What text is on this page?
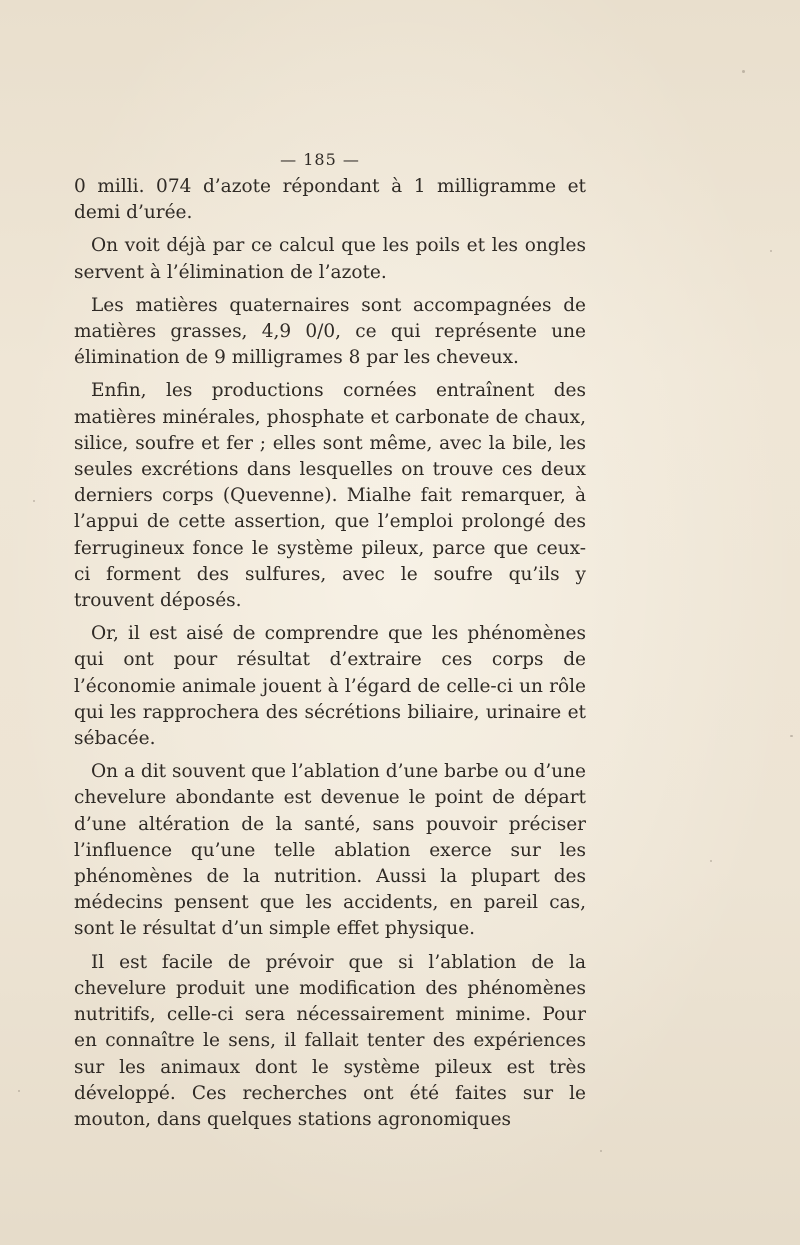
— 185 —

0 milli. 074 d’azote répondant à 1 milligramme et demi d’urée.

On voit déjà par ce calcul que les poils et les ongles servent à l’élimination de l’azote.

Les matières quaternaires sont accompagnées de matières grasses, 4,9 0/0, ce qui représente une élimination de 9 milligrames 8 par les cheveux.

Enfin, les productions cornées entraînent des matières minérales, phosphate et carbonate de chaux, silice, soufre et fer ; elles sont même, avec la bile, les seules excrétions dans lesquelles on trouve ces deux derniers corps (Quevenne). Mialhe fait remarquer, à l’appui de cette assertion, que l’emploi prolongé des ferrugineux fonce le système pileux, parce que ceux-ci forment des sulfures, avec le soufre qu’ils y trouvent déposés.

Or, il est aisé de comprendre que les phénomènes qui ont pour résultat d’extraire ces corps de l’économie animale jouent à l’égard de celle-ci un rôle qui les rapprochera des sécrétions biliaire, urinaire et sébacée.

On a dit souvent que l’ablation d’une barbe ou d’une chevelure abondante est devenue le point de départ d’une altération de la santé, sans pouvoir préciser l’influence qu’une telle ablation exerce sur les phénomènes de la nutrition. Aussi la plupart des médecins pensent que les accidents, en pareil cas, sont le résultat d’un simple effet physique.

Il est facile de prévoir que si l’ablation de la chevelure produit une modification des phénomènes nutritifs, celle-ci sera nécessairement minime. Pour en connaître le sens, il fallait tenter des expériences sur les animaux dont le système pileux est très développé. Ces recherches ont été faites sur le mouton, dans quelques stations agronomiques
